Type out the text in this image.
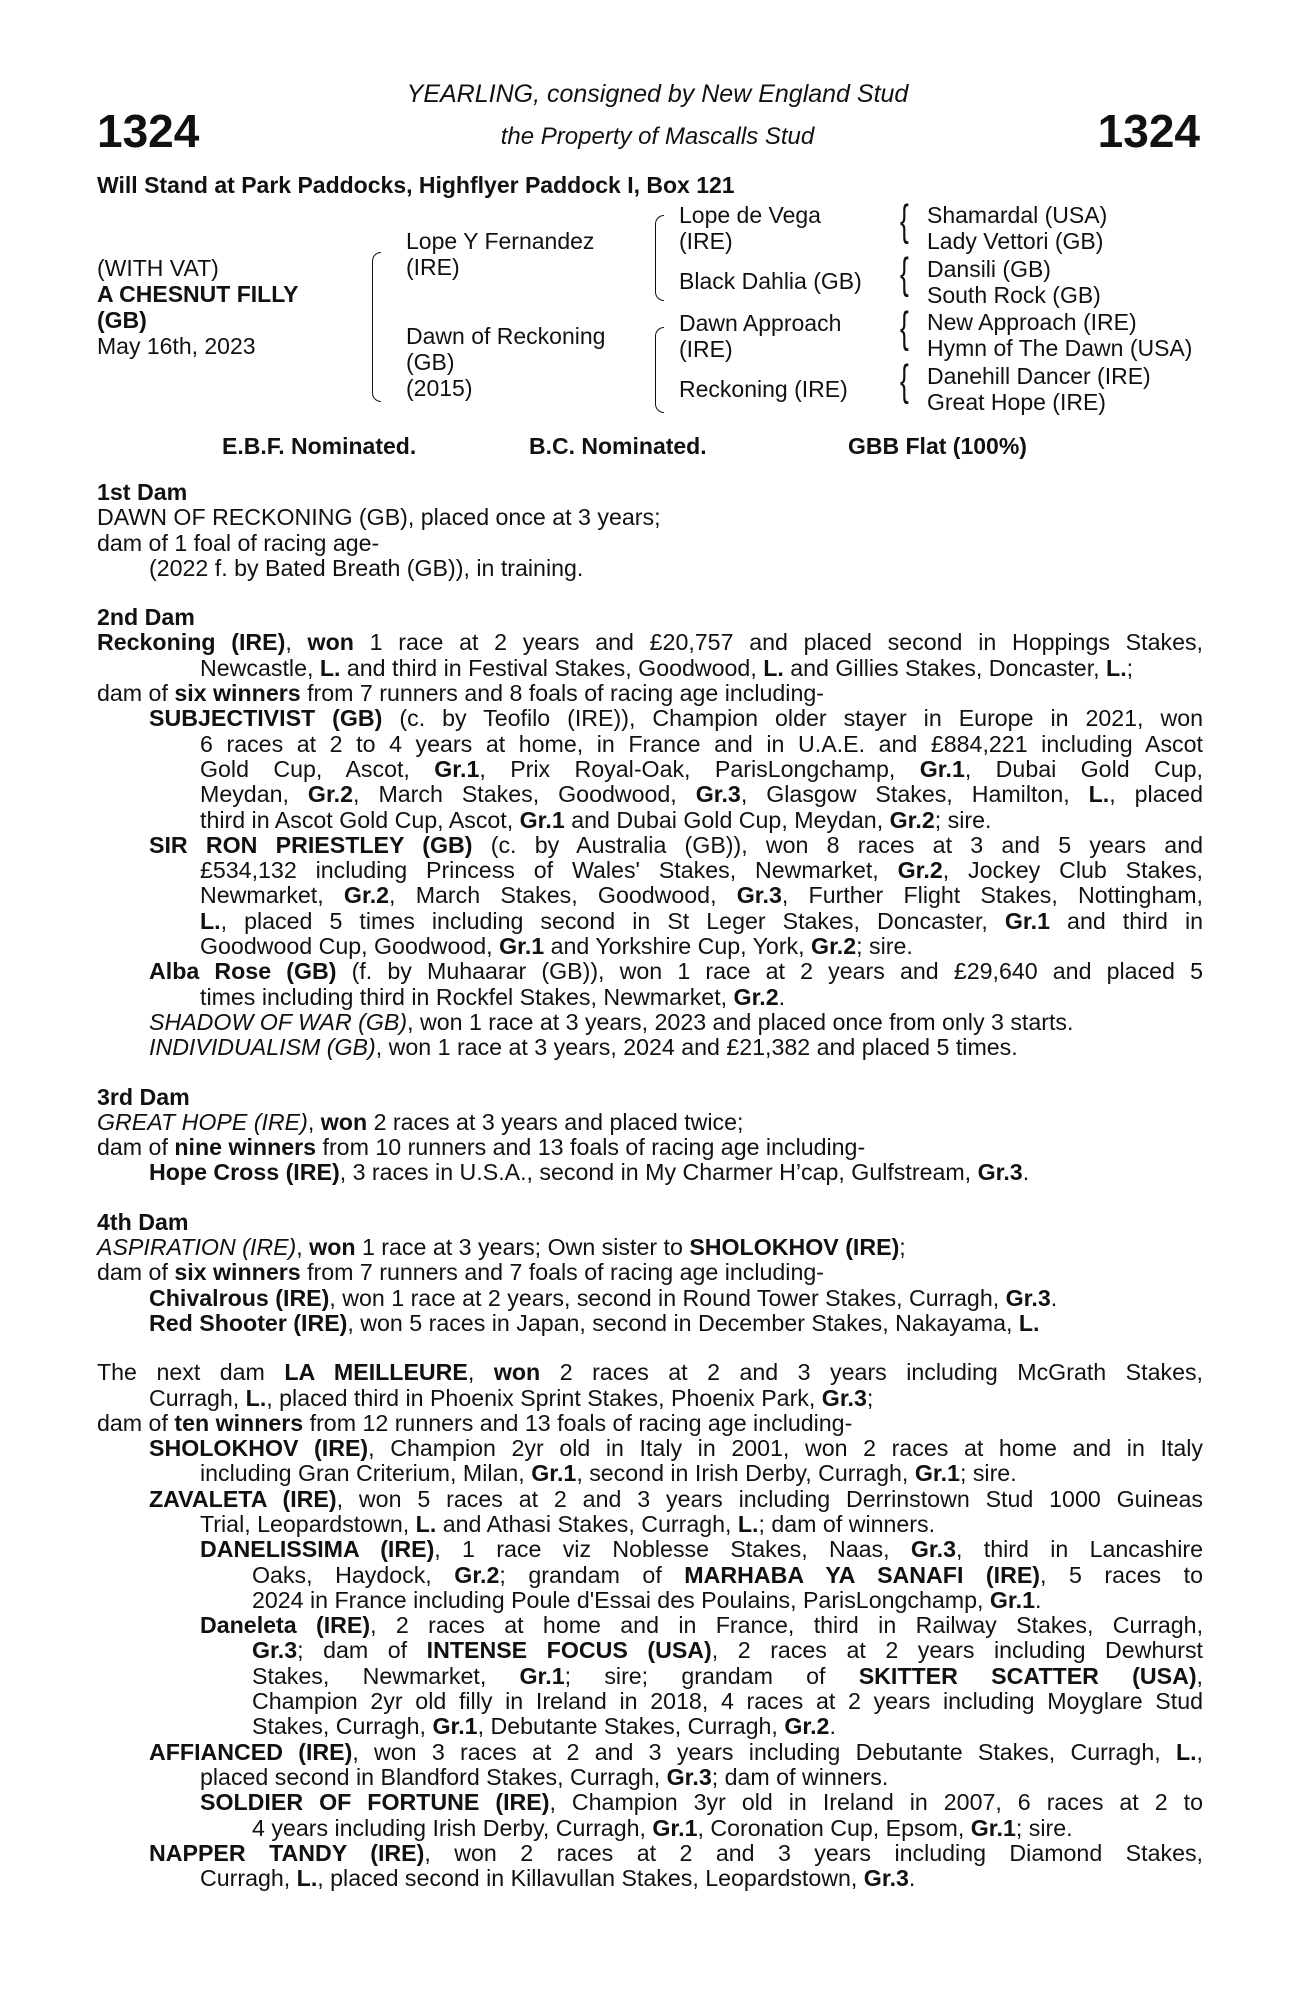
1324	1324
YEARLING, consigned by New England Stud
the Property of Mascalls Stud
Will Stand at Park Paddocks, Highflyer Paddock I, Box 121
(WITH VAT)
A CHESNUT FILLY
(GB)
May 16th, 2023
Lope Y Fernandez
(IRE)
Dawn of Reckoning
(GB)
(2015)
Lope de Vega
(IRE)
Black Dahlia (GB)
Dawn Approach
(IRE)
Reckoning (IRE)
{
{
{
{
Shamardal (USA)
Lady Vettori (GB)
Dansili (GB)
South Rock (GB)
New Approach (IRE)
Hymn of The Dawn (USA)
Danehill Dancer (IRE)
Great Hope (IRE)
E.B.F. Nominated.	B.C. Nominated.	GBB Flat (100%)
1st Dam
DAWN OF RECKONING (GB), placed once at 3 years;
dam of 1 foal of racing age-
(2022 f. by Bated Breath (GB)), in training.
2nd Dam
Reckoning (IRE), won 1 race at 2 years and £20,757 and placed second in Hoppings Stakes,
Newcastle, L. and third in Festival Stakes, Goodwood, L. and Gillies Stakes, Doncaster, L.;
dam of six winners from 7 runners and 8 foals of racing age including-
SUBJECTIVIST (GB) (c. by Teofilo (IRE)), Champion older stayer in Europe in 2021, won
6 races at 2 to 4 years at home, in France and in U.A.E. and £884,221 including Ascot
Gold Cup, Ascot, Gr.1, Prix Royal-Oak, ParisLongchamp, Gr.1, Dubai Gold Cup,
Meydan, Gr.2, March Stakes, Goodwood, Gr.3, Glasgow Stakes, Hamilton, L., placed
third in Ascot Gold Cup, Ascot, Gr.1 and Dubai Gold Cup, Meydan, Gr.2; sire.
SIR RON PRIESTLEY (GB) (c. by Australia (GB)), won 8 races at 3 and 5 years and
£534,132 including Princess of Wales' Stakes, Newmarket, Gr.2, Jockey Club Stakes,
Newmarket, Gr.2, March Stakes, Goodwood, Gr.3, Further Flight Stakes, Nottingham,
L., placed 5 times including second in St Leger Stakes, Doncaster, Gr.1 and third in
Goodwood Cup, Goodwood, Gr.1 and Yorkshire Cup, York, Gr.2; sire.
Alba Rose (GB) (f. by Muhaarar (GB)), won 1 race at 2 years and £29,640 and placed 5
times including third in Rockfel Stakes, Newmarket, Gr.2.
SHADOW OF WAR (GB), won 1 race at 3 years, 2023 and placed once from only 3 starts.
INDIVIDUALISM (GB), won 1 race at 3 years, 2024 and £21,382 and placed 5 times.
3rd Dam
GREAT HOPE (IRE), won 2 races at 3 years and placed twice;
dam of nine winners from 10 runners and 13 foals of racing age including-
Hope Cross (IRE), 3 races in U.S.A., second in My Charmer H’cap, Gulfstream, Gr.3.
4th Dam
ASPIRATION (IRE), won 1 race at 3 years; Own sister to SHOLOKHOV (IRE);
dam of six winners from 7 runners and 7 foals of racing age including-
Chivalrous (IRE), won 1 race at 2 years, second in Round Tower Stakes, Curragh, Gr.3.
Red Shooter (IRE), won 5 races in Japan, second in December Stakes, Nakayama, L.
The next dam LA MEILLEURE, won 2 races at 2 and 3 years including McGrath Stakes,
Curragh, L., placed third in Phoenix Sprint Stakes, Phoenix Park, Gr.3;
dam of ten winners from 12 runners and 13 foals of racing age including-
SHOLOKHOV (IRE), Champion 2yr old in Italy in 2001, won 2 races at home and in Italy
including Gran Criterium, Milan, Gr.1, second in Irish Derby, Curragh, Gr.1; sire.
ZAVALETA (IRE), won 5 races at 2 and 3 years including Derrinstown Stud 1000 Guineas
Trial, Leopardstown, L. and Athasi Stakes, Curragh, L.; dam of winners.
DANELISSIMA (IRE), 1 race viz Noblesse Stakes, Naas, Gr.3, third in Lancashire
Oaks, Haydock, Gr.2; grandam of MARHABA YA SANAFI (IRE), 5 races to
2024 in France including Poule d'Essai des Poulains, ParisLongchamp, Gr.1.
Daneleta (IRE), 2 races at home and in France, third in Railway Stakes, Curragh,
Gr.3; dam of INTENSE FOCUS (USA), 2 races at 2 years including Dewhurst
Stakes, Newmarket, Gr.1; sire; grandam of SKITTER SCATTER (USA),
Champion 2yr old filly in Ireland in 2018, 4 races at 2 years including Moyglare Stud
Stakes, Curragh, Gr.1, Debutante Stakes, Curragh, Gr.2.
AFFIANCED (IRE), won 3 races at 2 and 3 years including Debutante Stakes, Curragh, L.,
placed second in Blandford Stakes, Curragh, Gr.3; dam of winners.
SOLDIER OF FORTUNE (IRE), Champion 3yr old in Ireland in 2007, 6 races at 2 to
4 years including Irish Derby, Curragh, Gr.1, Coronation Cup, Epsom, Gr.1; sire.
NAPPER TANDY (IRE), won 2 races at 2 and 3 years including Diamond Stakes,
Curragh, L., placed second in Killavullan Stakes, Leopardstown, Gr.3.
